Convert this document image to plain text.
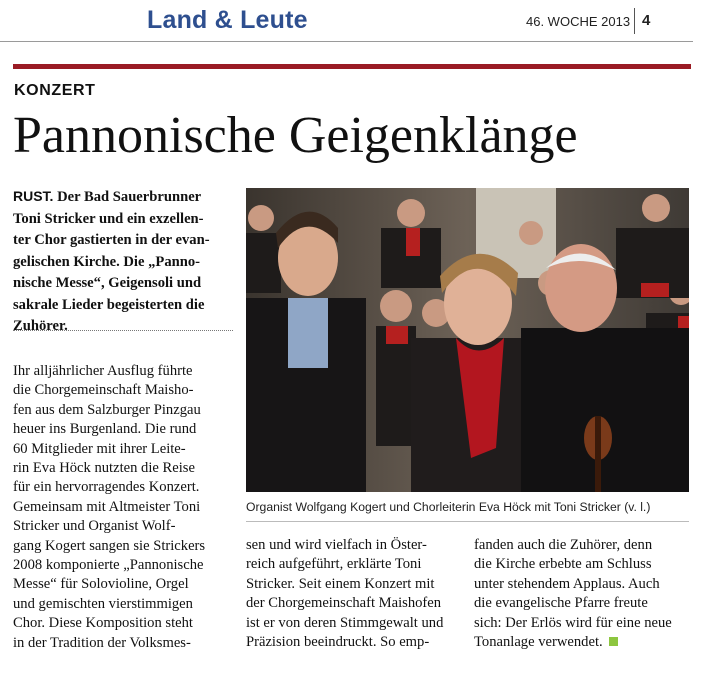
Land & Leute	46. WOCHE 2013 4
KONZERT
Pannonische Geigenklänge
RUST. Der Bad Sauerbrunner
Toni Stricker und ein exzellen-
ter Chor gastierten in der evan-
gelischen Kirche. Die „Panno-
nische Messe“, Geigensoli und
sakrale Lieder begeisterten die
Zuhörer.
Ihr alljährlicher Ausflug führte
die Chorgemeinschaft Maisho-
fen aus dem Salzburger Pinzgau
heuer ins Burgenland. Die rund
60 Mitglieder mit ihrer Leite-
rin Eva Höck nutzten die Reise
für ein hervorragendes Konzert.
Gemeinsam mit Altmeister Toni
Stricker und Organist Wolf-
gang Kogert sangen sie Strickers
2008 komponierte „Pannonische
Messe“ für Solovioline, Orgel
und gemischten vierstimmigen
Chor. Diese Komposition steht
in der Tradition der Volksmes-
Organist Wolfgang Kogert und Chorleiterin Eva Höck mit Toni Stricker (v. l.)
sen und wird vielfach in Öster-
reich aufgeführt, erklärte Toni
Stricker. Seit einem Konzert mit
der Chorgemeinschaft Maishofen
ist er von deren Stimmgewalt und
Präzision beeindruckt. So emp-
fanden auch die Zuhörer, denn
die Kirche erbebte am Schluss
unter stehendem Applaus. Auch
die evangelische Pfarre freute
sich: Der Erlös wird für eine neue
Tonanlage verwendet.
